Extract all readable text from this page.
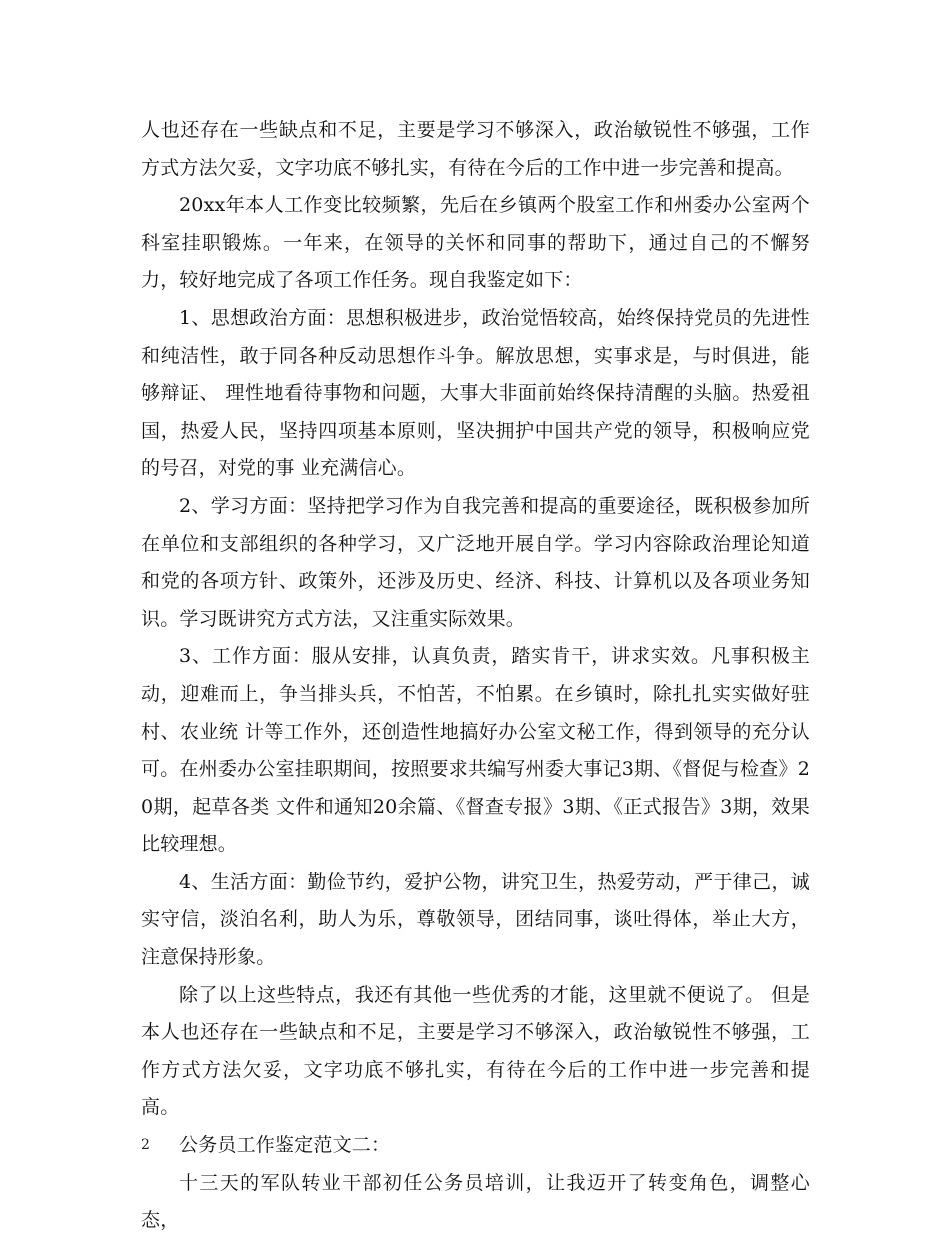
人也还存在一些缺点和不足，主要是学习不够深入，政治敏锐性不够强，工作方式方法欠妥，文字功底不够扎实，有待在今后的工作中进一步完善和提高。

20xx年本人工作变比较频繁，先后在乡镇两个股室工作和州委办公室两个科室挂职锻炼。一年来，在领导的关怀和同事的帮助下，通过自己的不懈努力，较好地完成了各项工作任务。现自我鉴定如下：

1、思想政治方面：思想积极进步，政治觉悟较高，始终保持党员的先进性和纯洁性，敢于同各种反动思想作斗争。解放思想，实事求是，与时俱进，能够辩证、 理性地看待事物和问题，大事大非面前始终保持清醒的头脑。热爱祖国，热爱人民，坚持四项基本原则，坚决拥护中国共产党的领导，积极响应党的号召，对党的事 业充满信心。

2、学习方面：坚持把学习作为自我完善和提高的重要途径，既积极参加所在单位和支部组织的各种学习，又广泛地开展自学。学习内容除政治理论知道和党的各项方针、政策外，还涉及历史、经济、科技、计算机以及各项业务知识。学习既讲究方式方法，又注重实际效果。

3、工作方面：服从安排，认真负责，踏实肯干，讲求实效。凡事积极主动，迎难而上，争当排头兵，不怕苦，不怕累。在乡镇时，除扎扎实实做好驻村、农业统 计等工作外，还创造性地搞好办公室文秘工作，得到领导的充分认可。在州委办公室挂职期间，按照要求共编写州委大事记3期、《督促与检查》20期，起草各类 文件和通知20余篇、《督查专报》3期、《正式报告》3期，效果比较理想。

4、生活方面：勤俭节约，爱护公物，讲究卫生，热爱劳动，严于律己，诚实守信，淡泊名利，助人为乐，尊敬领导，团结同事，谈吐得体，举止大方，注意保持形象。

除了以上这些特点，我还有其他一些优秀的才能，这里就不便说了。 但是本人也还存在一些缺点和不足，主要是学习不够深入，政治敏锐性不够强，工作方式方法欠妥，文字功底不够扎实，有待在今后的工作中进一步完善和提高。

公务员工作鉴定范文二：

十三天的军队转业干部初任公务员培训，让我迈开了转变角色，调整心态，

2
